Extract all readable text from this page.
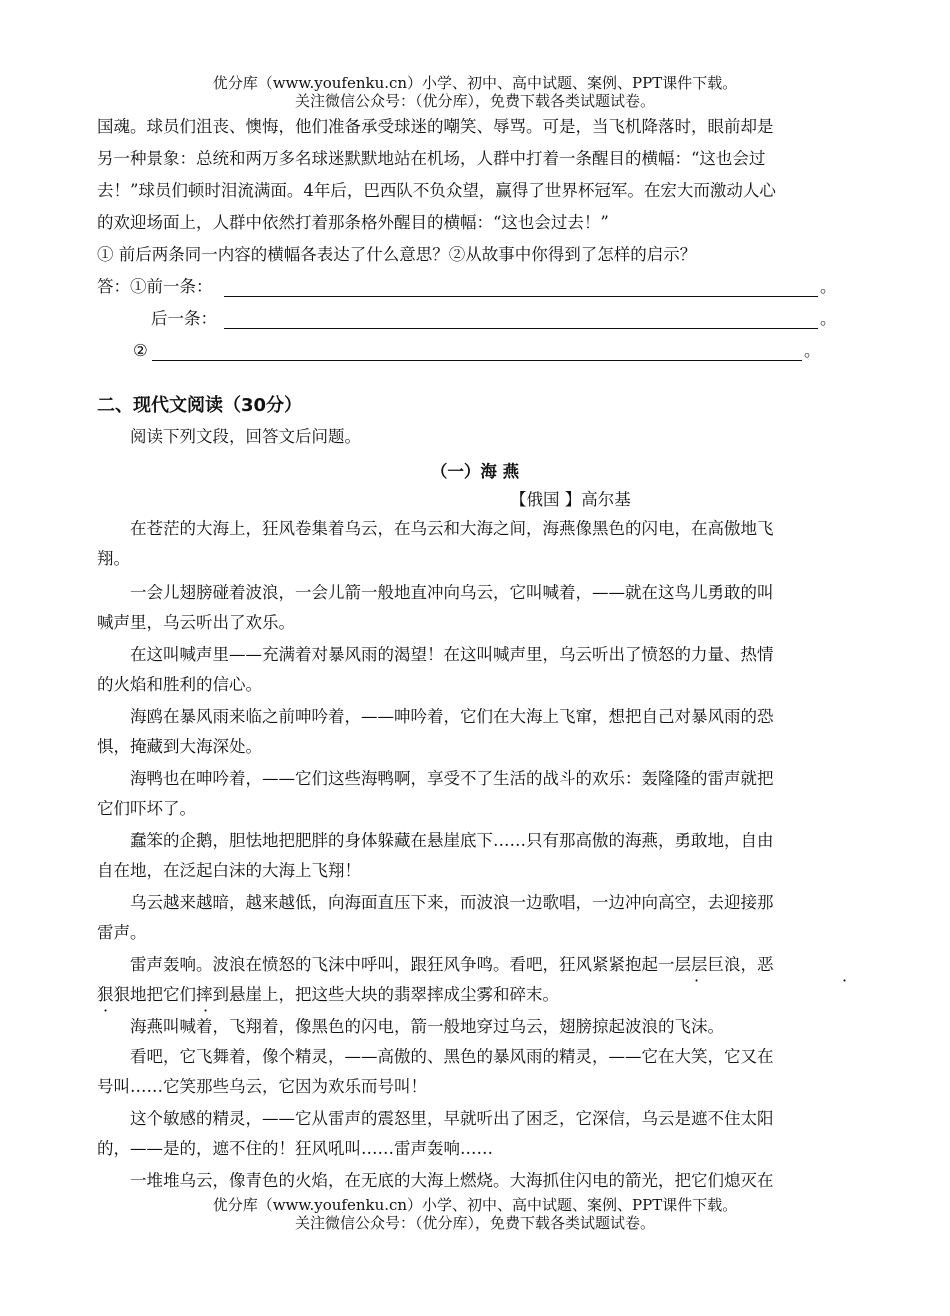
优分库（www.youfenku.cn）小学、初中、高中试题、案例、PPT课件下载。
关注微信公众号：（优分库），免费下载各类试题试卷。
国魂。球员们沮丧、懊悔，他们准备承受球迷的嘲笑、辱骂。可是，当飞机降落时，眼前却是
另一种景象：总统和两万多名球迷默默地站在机场，人群中打着一条醒目的横幅：“这也会过
去！”球员们顿时泪流满面。4年后，巴西队不负众望，赢得了世界杯冠军。在宏大而激动人心
的欢迎场面上，人群中依然打着那条格外醒目的横幅：“这也会过去！”
① 前后两条同一内容的横幅各表达了什么意思？②从故事中你得到了怎样的启示？
答：①前一条：	。
后一条：	。
②	。
二、现代文阅读（30分）
阅读下列文段，回答文后问题。
（一）海 燕
【俄国 】高尔基
在苍茫的大海上，狂风卷集着乌云，在乌云和大海之间，海燕像黑色的闪电，在高傲地飞
翔。
一会儿翅膀碰着波浪，一会儿箭一般地直冲向乌云，它叫喊着，——就在这鸟儿勇敢的叫
喊声里，乌云听出了欢乐。
在这叫喊声里——充满着对暴风雨的渴望！在这叫喊声里，乌云听出了愤怒的力量、热情
的火焰和胜利的信心。
海鸥在暴风雨来临之前呻吟着，——呻吟着，它们在大海上飞窜，想把自己对暴风雨的恐
惧，掩藏到大海深处。
海鸭也在呻吟着，——它们这些海鸭啊，享受不了生活的战斗的欢乐：轰隆隆的雷声就把
它们吓坏了。
蠢笨的企鹅，胆怯地把肥胖的身体躲藏在悬崖底下……只有那高傲的海燕，勇敢地，自由
自在地，在泛起白沫的大海上飞翔！
乌云越来越暗，越来越低，向海面直压下来，而波浪一边歌唱，一边冲向高空，去迎接那
雷声。
雷声轰响。波浪在愤怒的飞沫中呼叫，跟狂风争鸣。看吧，狂风紧紧抱起一层层巨浪，恶
狠狠地把它们摔到悬崖上，把这些大块的翡翠摔成尘雾和碎末。
·	·
·	·
海燕叫喊着，飞翔着，像黑色的闪电，箭一般地穿过乌云，翅膀掠起波浪的飞沫。
看吧，它飞舞着，像个精灵，——高傲的、黑色的暴风雨的精灵，——它在大笑，它又在
号叫……它笑那些乌云，它因为欢乐而号叫！
这个敏感的精灵，——它从雷声的震怒里，早就听出了困乏，它深信，乌云是遮不住太阳
的，——是的，遮不住的！狂风吼叫……雷声轰响……
一堆堆乌云，像青色的火焰，在无底的大海上燃烧。大海抓住闪电的箭光，把它们熄灭在
优分库（www.youfenku.cn）小学、初中、高中试题、案例、PPT课件下载。
关注微信公众号：（优分库），免费下载各类试题试卷。
